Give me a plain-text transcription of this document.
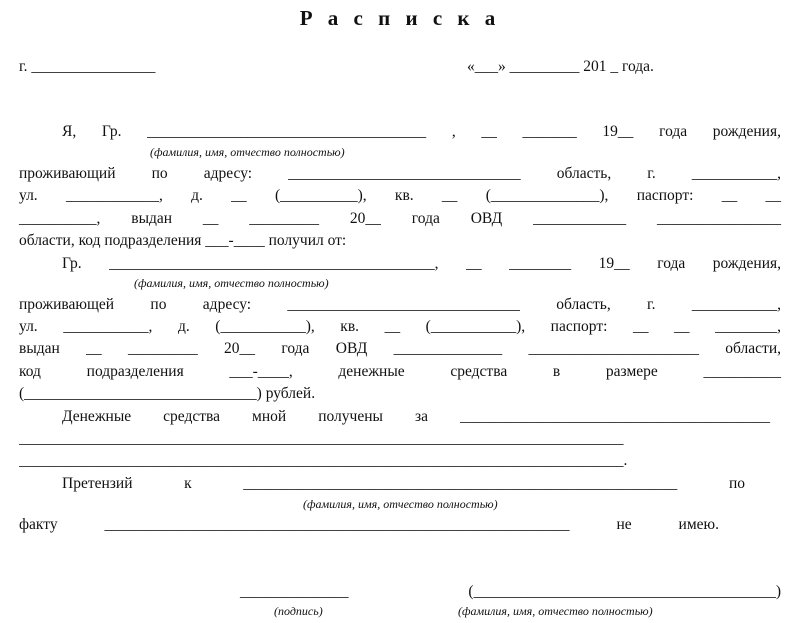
Р а с п и с к а
г. ________________	«___» _________ 201 _ года.
Я, Гр. ____________________________________ , __ _______ 19__ года рождения,
(фамилия, имя, отчество полностью)
проживающий по адресу: ______________________________ область, г. ___________,
ул. ____________, д. __ (__________), кв. __ (______________), паспорт: __ __
__________, выдан __ _________ 20__ года ОВД ____________ ________________
области, код подразделения ___-____ получил от:
Гр. __________________________________________, __ ________ 19__ года рождения,
(фамилия, имя, отчество полностью)
проживающей по адресу: ______________________________ область, г. ___________,
ул. ___________, д. (___________), кв. __ (___________), паспорт: __ __ ________,
выдан __ _________ 20__ года ОВД ______________ ______________________ области,
код подразделения ___-____, денежные средства в размере __________
(______________________________) рублей.
Денежные средства мной получены за ________________________________________
______________________________________________________________________________
______________________________________________________________________________.
Претензий к ________________________________________________________ по
(фамилия, имя, отчество полностью)
факту ____________________________________________________________ не имею.
______________ (_______________________________________)
(подпись)	(фамилия, имя, отчество полностью)
